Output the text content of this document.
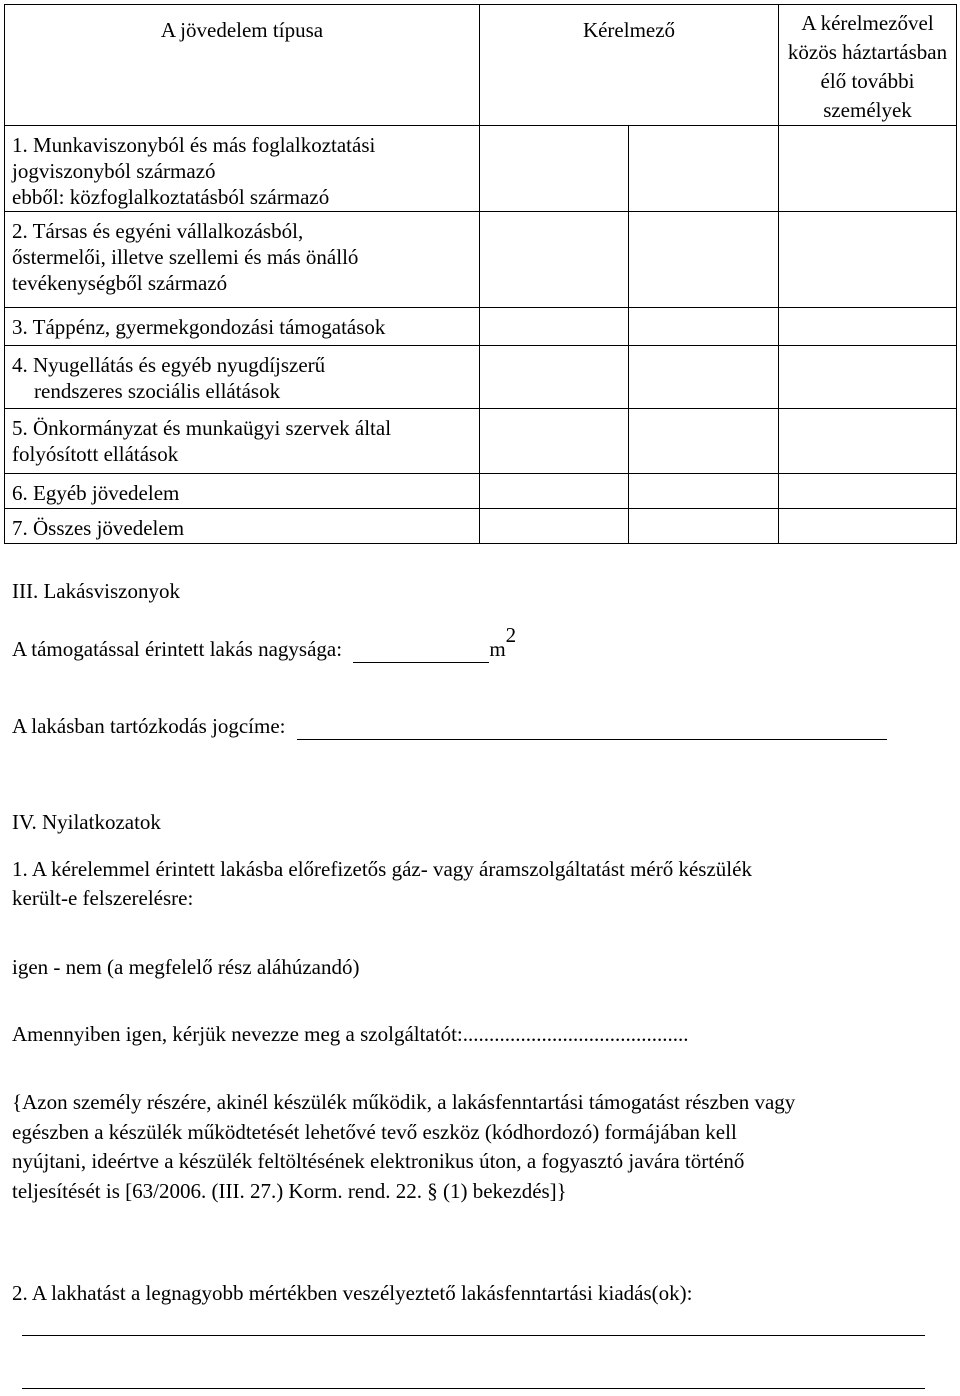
A jövedelem típusa	Kérelmező		A kérelmezővel közös háztartásban élő további személyek

1. Munkaviszonyból és más foglalkoztatási
jogviszonyból származó
ebből: közfoglalkoztatásból származó			

2. Társas és egyéni vállalkozásból,
őstermelői, illetve szellemi és más önálló
tevékenységből származó			

3. Táppénz, gyermekgondozási támogatások			

4. Nyugellátás és egyéb nyugdíjszerű
rendszeres szociális ellátások			

5. Önkormányzat és munkaügyi szervek által
folyósított ellátások			

6. Egyéb jövedelem			

7. Összes jövedelem			

III. Lakásviszonyok
A támogatással érintett lakás nagysága:	m2
A lakásban tartózkodás jogcíme:
IV. Nyilatkozatok
1. A kérelemmel érintett lakásba előrefizetős gáz- vagy áramszolgáltatást mérő készülék
került-e felszerelésre:
igen - nem (a megfelelő rész aláhúzandó)
Amennyiben igen, kérjük nevezze meg a szolgáltatót:...........................................
{Azon személy részére, akinél készülék működik, a lakásfenntartási támogatást részben vagy
egészben a készülék működtetését lehetővé tevő eszköz (kódhordozó) formájában kell
nyújtani, ideértve a készülék feltöltésének elektronikus úton, a fogyasztó javára történő
teljesítését is [63/2006. (III. 27.) Korm. rend. 22. § (1) bekezdés]}
2. A lakhatást a legnagyobb mértékben veszélyeztető lakásfenntartási kiadás(ok):
